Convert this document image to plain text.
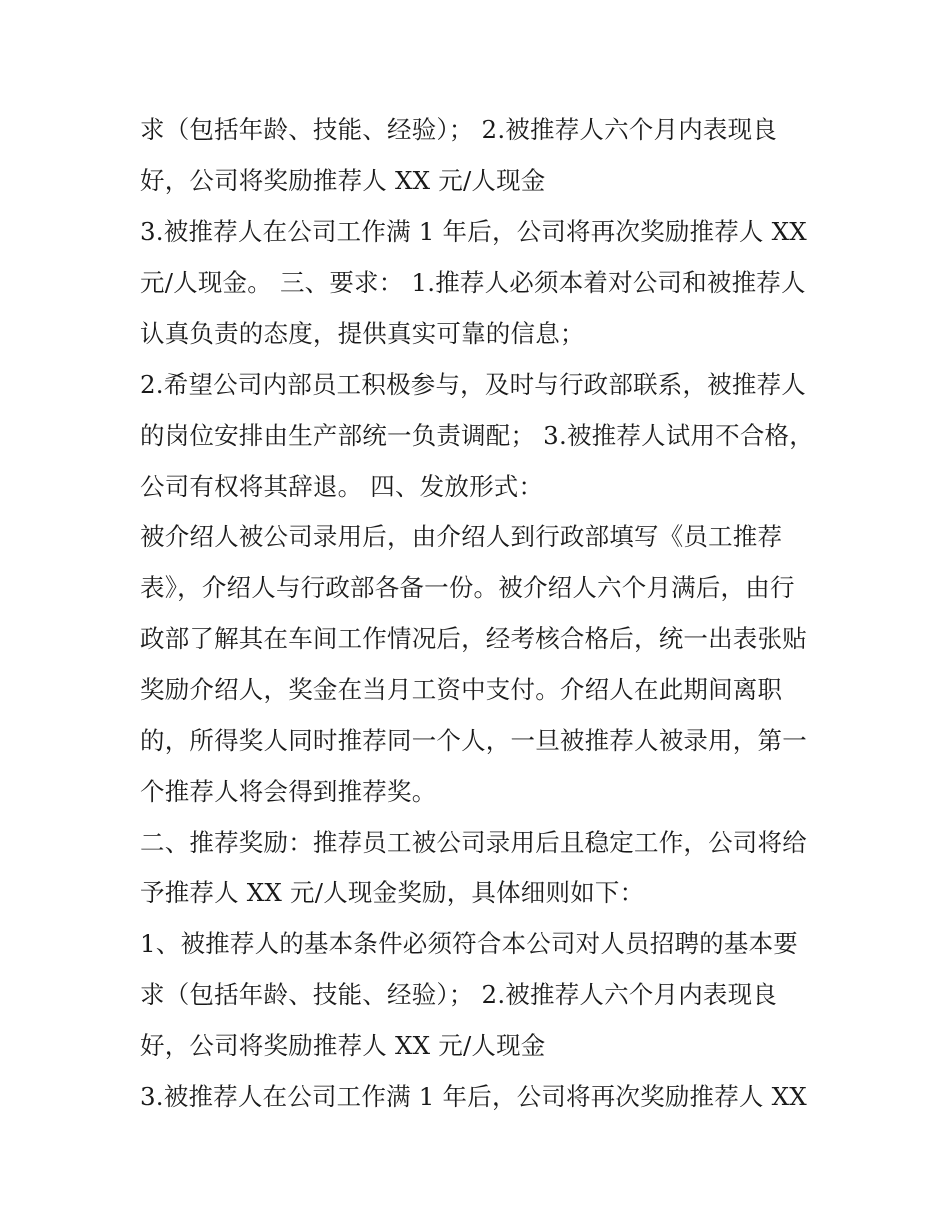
求（包括年龄、技能、经验）； 2.被推荐人六个月内表现良
好，公司将奖励推荐人 XX 元/人现金
3.被推荐人在公司工作满 1 年后，公司将再次奖励推荐人 XX
元/人现金。 三、要求： 1.推荐人必须本着对公司和被推荐人
认真负责的态度，提供真实可靠的信息；
2.希望公司内部员工积极参与，及时与行政部联系，被推荐人
的岗位安排由生产部统一负责调配； 3.被推荐人试用不合格，
公司有权将其辞退。 四、发放形式：
被介绍人被公司录用后，由介绍人到行政部填写《员工推荐
表》，介绍人与行政部各备一份。被介绍人六个月满后，由行
政部了解其在车间工作情况后，经考核合格后，统一出表张贴
奖励介绍人，奖金在当月工资中支付。介绍人在此期间离职
的，所得奖人同时推荐同一个人，一旦被推荐人被录用，第一
个推荐人将会得到推荐奖。
二、推荐奖励：推荐员工被公司录用后且稳定工作，公司将给
予推荐人 XX 元/人现金奖励，具体细则如下：
1、被推荐人的基本条件必须符合本公司对人员招聘的基本要
求（包括年龄、技能、经验）； 2.被推荐人六个月内表现良
好，公司将奖励推荐人 XX 元/人现金
3.被推荐人在公司工作满 1 年后，公司将再次奖励推荐人 XX
